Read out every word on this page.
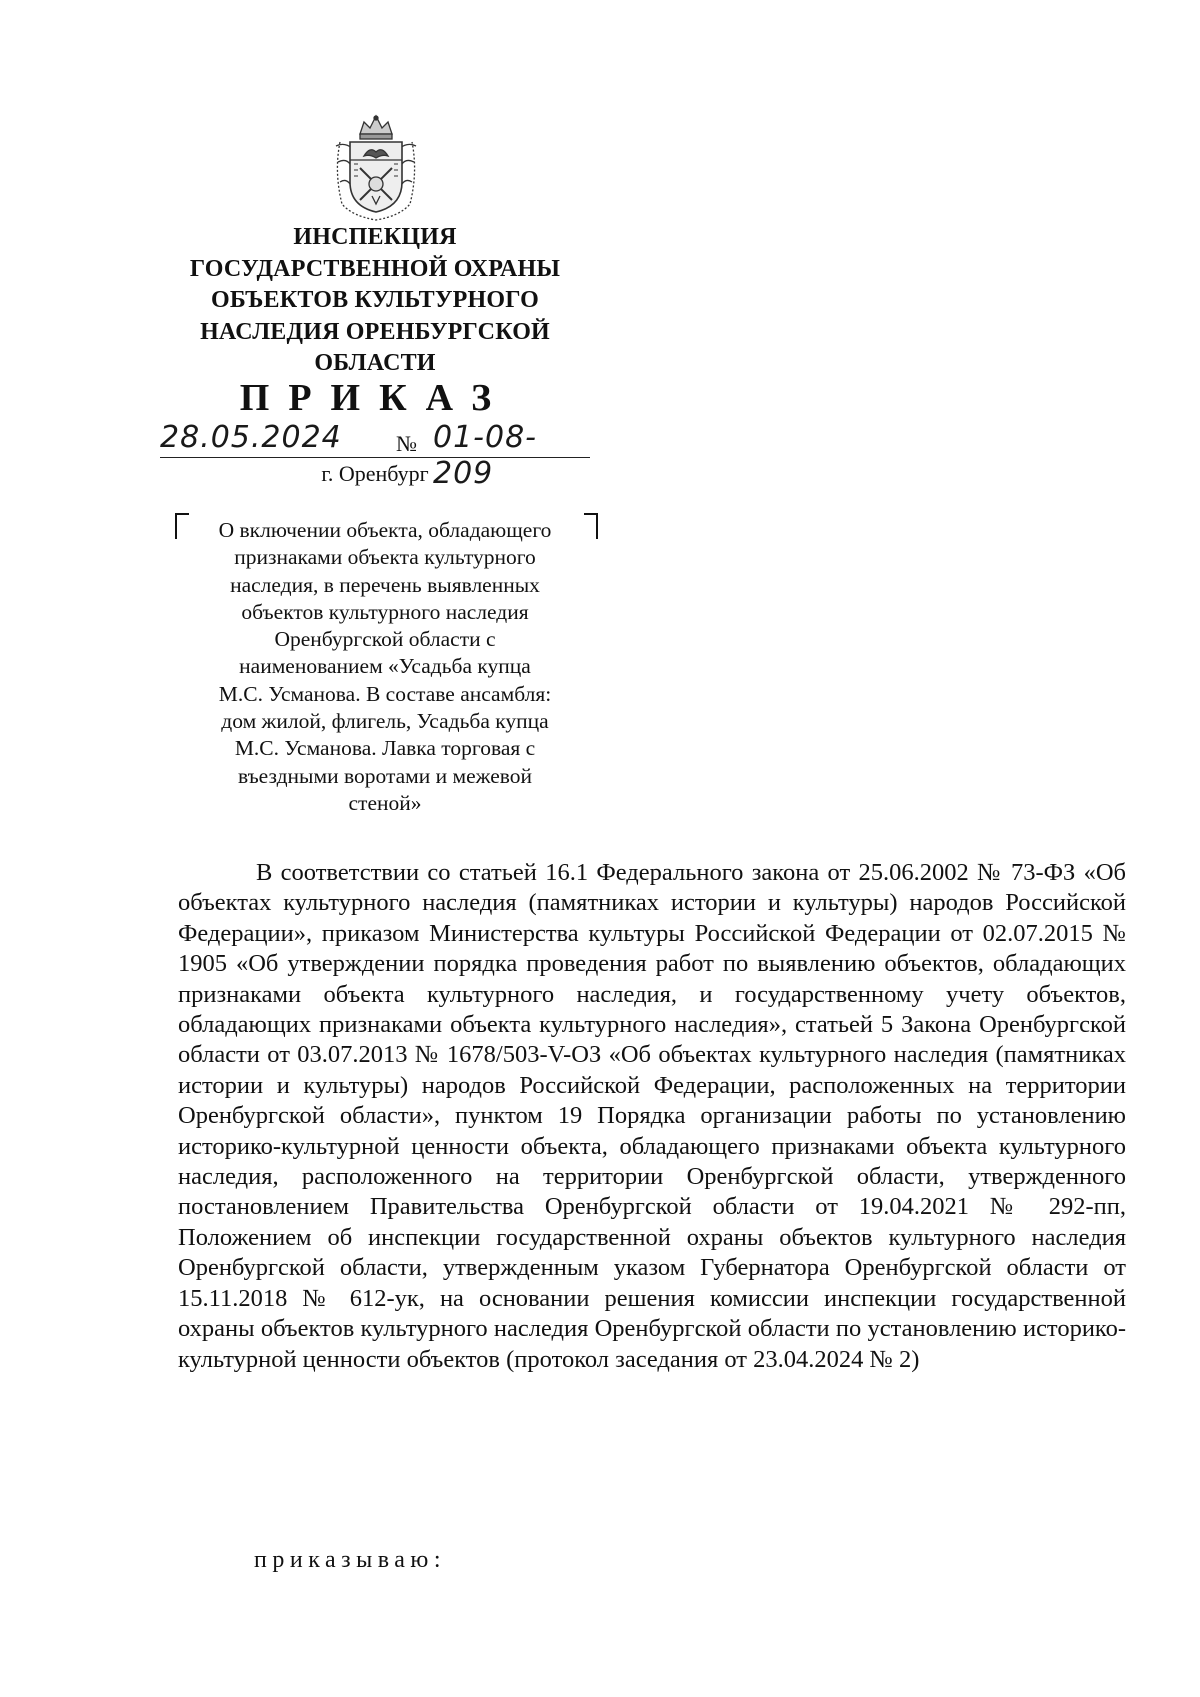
ИНСПЕКЦИЯ
ГОСУДАРСТВЕННОЙ ОХРАНЫ
ОБЪЕКТОВ КУЛЬТУРНОГО
НАСЛЕДИЯ ОРЕНБУРГСКОЙ
ОБЛАСТИ
ПРИКАЗ
28.05.2024	№ 01-08-209
г. Оренбург
О включении объекта, обладающего
признаками объекта культурного
наследия, в перечень выявленных
объектов культурного наследия
Оренбургской области с
наименованием «Усадьба купца
М.С. Усманова. В составе ансамбля:
дом жилой, флигель, Усадьба купца
М.С. Усманова. Лавка торговая с
въездными воротами и межевой
стеной»

В соответствии со статьей 16.1 Федерального закона от 25.06.2002 № 73-ФЗ «Об объектах культурного наследия (памятниках истории и культуры) народов Российской Федерации», приказом Министерства культуры Российской Федерации от 02.07.2015 № 1905 «Об утверждении порядка проведения работ по выявлению объектов, обладающих признаками объекта культурного наследия, и государственному учету объектов, обладающих признаками объекта культурного наследия», статьей 5 Закона Оренбургской области от 03.07.2013 № 1678/503-V-ОЗ «Об объектах культурного наследия (памятниках истории и культуры) народов Российской Федерации, расположенных на территории Оренбургской области», пунктом 19 Порядка организации работы по установлению историко-культурной ценности объекта, обладающего признаками объекта культурного наследия, расположенного на территории Оренбургской области, утвержденного постановлением Правительства Оренбургской области от 19.04.2021 № 292-пп, Положением об инспекции государственной охраны объектов культурного наследия Оренбургской области, утвержденным указом Губернатора Оренбургской области от 15.11.2018 № 612-ук, на основании решения комиссии инспекции государственной охраны объектов культурного наследия Оренбургской области по установлению историко-культурной ценности объектов (протокол заседания от 23.04.2024 № 2)

приказываю:
